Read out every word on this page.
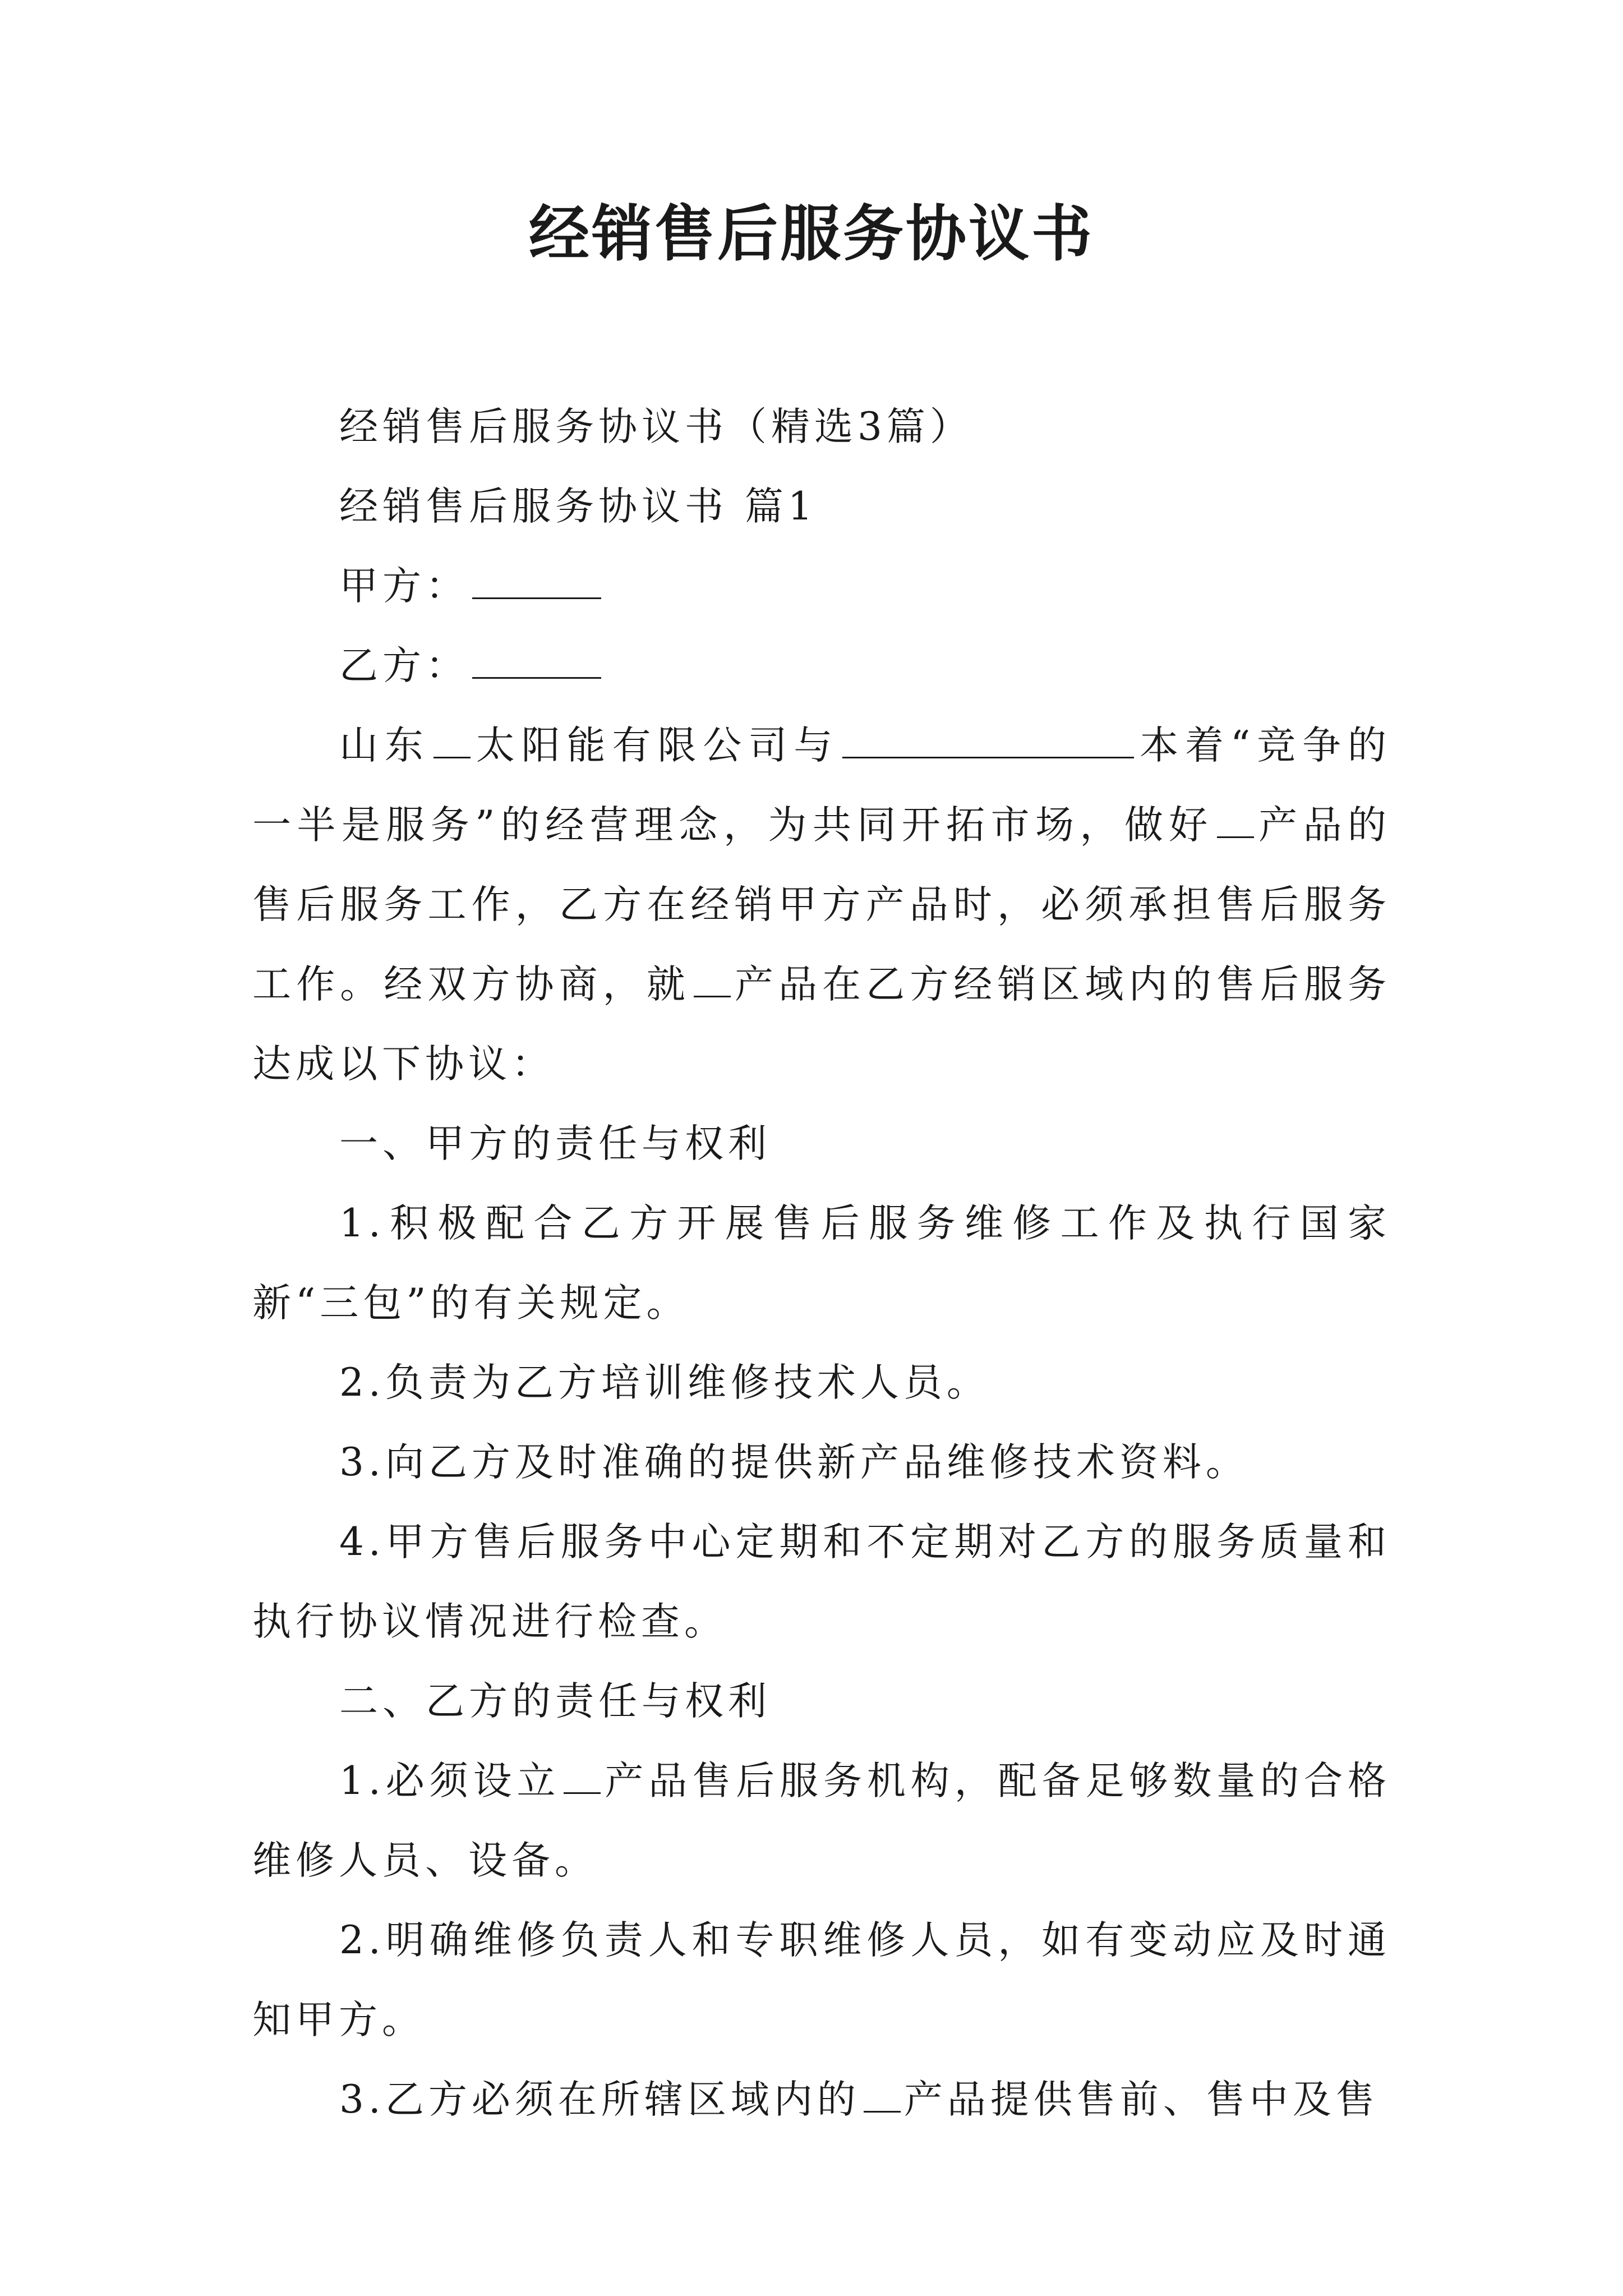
经销售后服务协议书

经销售后服务协议书（精选3篇）

经销售后服务协议书 篇1

甲方：

乙方：

山东 太阳能有限公司与	本着“竞争的一半是服务”的经营理念，为共同开拓市场，做好 产品的售后服务工作，乙方在经销甲方产品时，必须承担售后服务工作。经双方协商，就 产品在乙方经销区域内的售后服务达成以下协议：

一、甲方的责任与权利

1.积极配合乙方开展售后服务维修工作及执行国家新“三包”的有关规定。

2.负责为乙方培训维修技术人员。

3.向乙方及时准确的提供新产品维修技术资料。

4.甲方售后服务中心定期和不定期对乙方的服务质量和执行协议情况进行检查。

二、乙方的责任与权利

1.必须设立 产品售后服务机构，配备足够数量的合格维修人员、设备。

2.明确维修负责人和专职维修人员，如有变动应及时通知甲方。

3.乙方必须在所辖区域内的 产品提供售前、售中及售
